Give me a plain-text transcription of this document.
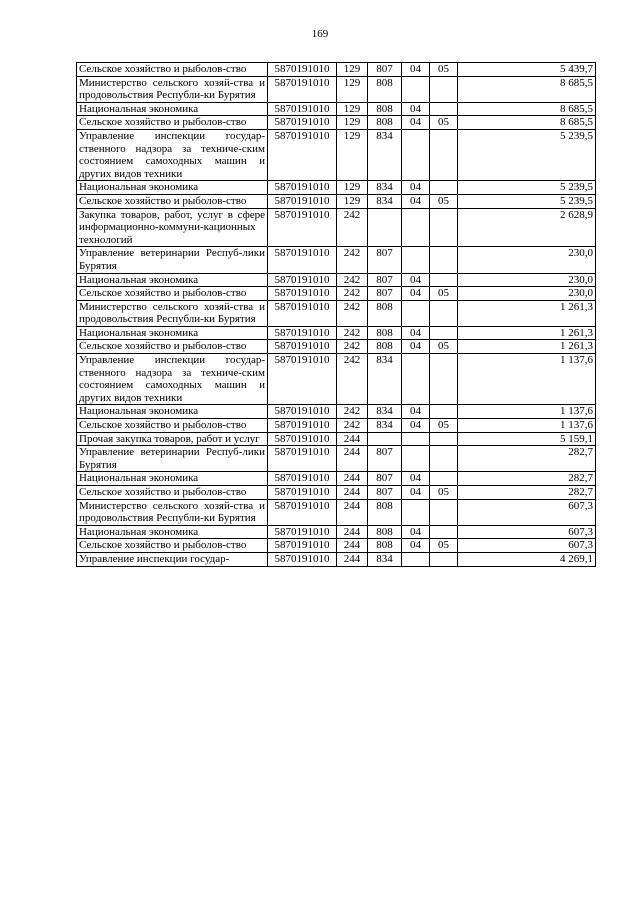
169
Сельское хозяйство и рыболов-ство	5870191010	129	807	04	05	5 439,7
Министерство сельского хозяй-ства и продовольствия Республи-ки Бурятия	5870191010	129	808			8 685,5
Национальная экономика	5870191010	129	808	04		8 685,5
Сельское хозяйство и рыболов-ство	5870191010	129	808	04	05	8 685,5
Управление инспекции государ-ственного надзора за техниче-ским состоянием самоходных машин и других видов техники	5870191010	129	834			5 239,5
Национальная экономика	5870191010	129	834	04		5 239,5
Сельское хозяйство и рыболов-ство	5870191010	129	834	04	05	5 239,5
Закупка товаров, работ, услуг в сфере информационно-коммуни-кационных технологий	5870191010	242				2 628,9
Управление ветеринарии Респуб-лики Бурятия	5870191010	242	807			230,0
Национальная экономика	5870191010	242	807	04		230,0
Сельское хозяйство и рыболов-ство	5870191010	242	807	04	05	230,0
Министерство сельского хозяй-ства и продовольствия Республи-ки Бурятия	5870191010	242	808			1 261,3
Национальная экономика	5870191010	242	808	04		1 261,3
Сельское хозяйство и рыболов-ство	5870191010	242	808	04	05	1 261,3
Управление инспекции государ-ственного надзора за техниче-ским состоянием самоходных машин и других видов техники	5870191010	242	834			1 137,6
Национальная экономика	5870191010	242	834	04		1 137,6
Сельское хозяйство и рыболов-ство	5870191010	242	834	04	05	1 137,6
Прочая закупка товаров, работ и услуг	5870191010	244				5 159,1
Управление ветеринарии Респуб-лики Бурятия	5870191010	244	807			282,7
Национальная экономика	5870191010	244	807	04		282,7
Сельское хозяйство и рыболов-ство	5870191010	244	807	04	05	282,7
Министерство сельского хозяй-ства и продовольствия Республи-ки Бурятия	5870191010	244	808			607,3
Национальная экономика	5870191010	244	808	04		607,3
Сельское хозяйство и рыболов-ство	5870191010	244	808	04	05	607,3
Управление инспекции государ-	5870191010	244	834			4 269,1
